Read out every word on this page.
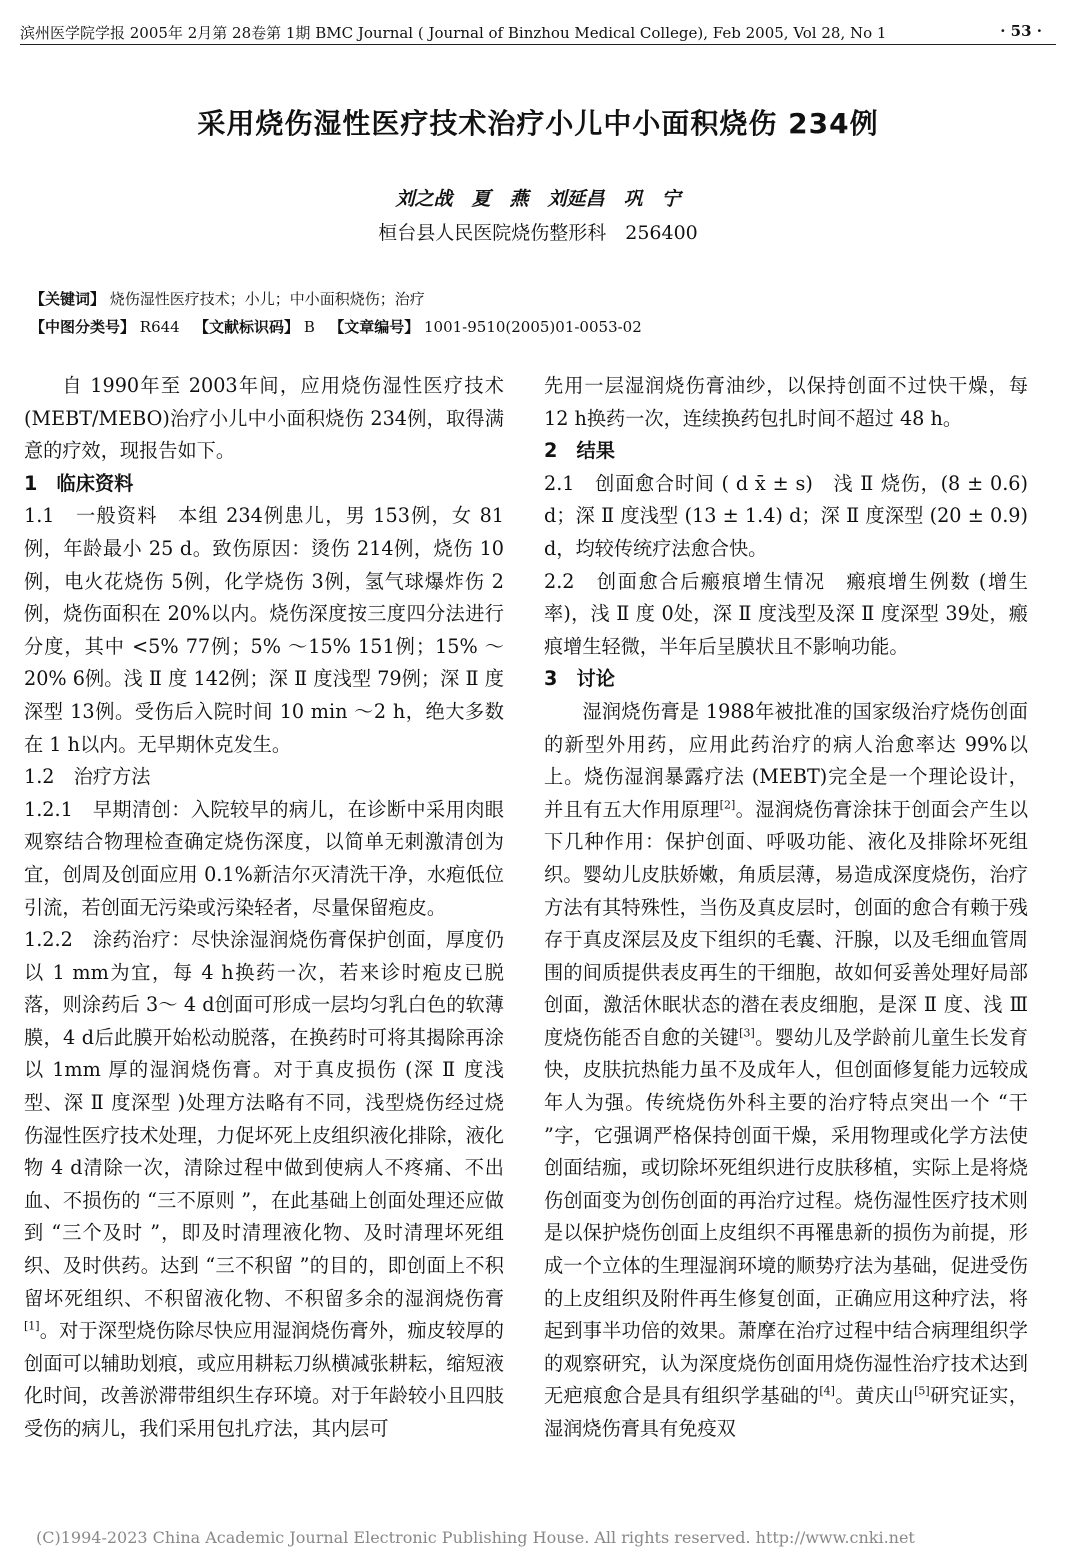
滨州医学院学报 2005年 2月第 28卷第 1期 BMC Journal ( Journal of Binzhou Medical College), Feb 2005, Vol 28, No 1	· 53 ·
采用烧伤湿性医疗技术治疗小儿中小面积烧伤 234例
刘之战　夏　燕　刘延昌　巩　宁
桓台县人民医院烧伤整形科　256400
【关键词】 烧伤湿性医疗技术；小儿；中小面积烧伤；治疗
【中图分类号】 R644 【文献标识码】 B 【文章编号】 1001-9510(2005)01-0053-02

自 1990年至 2003年间，应用烧伤湿性医疗技术 (MEBT/MEBO)治疗小儿中小面积烧伤 234例，取得满意的疗效，现报告如下。

1　临床资料

1.1　一般资料　 本组 234例患儿，男 153例，女 81例，年龄最小 25 d。致伤原因：烫伤 214例，烧伤 10例，电火花烧伤 5例，化学烧伤 3例，氢气球爆炸伤 2例，烧伤面积在 20%以内。烧伤深度按三度四分法进行分度，其中 <5% 77例；5% ～15% 151例；15% ～20% 6例。浅 Ⅱ 度 142例；深 Ⅱ 度浅型 79例；深 Ⅱ 度深型 13例。受伤后入院时间 10 min ～2 h，绝大多数在 1 h以内。无早期休克发生。

1.2　治疗方法

1.2.1　早期清创：入院较早的病儿，在诊断中采用肉眼观察结合物理检查确定烧伤深度，以简单无刺激清创为宜，创周及创面应用 0.1%新洁尔灭清洗干净，水疱低位引流，若创面无污染或污染轻者，尽量保留疱皮。

1.2.2　涂药治疗：尽快涂湿润烧伤膏保护创面，厚度仍以 1 mm为宜，每 4 h换药一次，若来诊时疱皮已脱落，则涂药后 3～ 4 d创面可形成一层均匀乳白色的软薄膜，4 d后此膜开始松动脱落，在换药时可将其揭除再涂以 1mm 厚的湿润烧伤膏。对于真皮损伤 (深 Ⅱ 度浅型、深 Ⅱ 度深型 )处理方法略有不同，浅型烧伤经过烧伤湿性医疗技术处理，力促坏死上皮组织液化排除，液化物 4 d清除一次，清除过程中做到使病人不疼痛、不出血、不损伤的 “三不原则 ”，在此基础上创面处理还应做到 “三个及时 ”，即及时清理液化物、及时清理坏死组织、及时供药。达到 “三不积留 ”的目的，即创面上不积留坏死组织、不积留液化物、不积留多余的湿润烧伤膏[1]。对于深型烧伤除尽快应用湿润烧伤膏外，痂皮较厚的创面可以辅助划痕，或应用耕耘刀纵横减张耕耘，缩短液化时间，改善淤滞带组织生存环境。对于年龄较小且四肢受伤的病儿，我们采用包扎疗法，其内层可

先用一层湿润烧伤膏油纱，以保持创面不过快干燥，每 12 h换药一次，连续换药包扎时间不超过 48 h。

2　结果

2.1　创面愈合时间 ( d x̄ ± s)　浅 Ⅱ 烧伤，(8 ± 0.6) d；深 Ⅱ 度浅型 (13 ± 1.4) d；深 Ⅱ 度深型 (20 ± 0.9) d，均较传统疗法愈合快。

2.2　创面愈合后瘢痕增生情况　瘢痕增生例数 (增生率)，浅 Ⅱ 度 0处，深 Ⅱ 度浅型及深 Ⅱ 度深型 39处，瘢痕增生轻微，半年后呈膜状且不影响功能。

3　讨论

湿润烧伤膏是 1988年被批准的国家级治疗烧伤创面的新型外用药，应用此药治疗的病人治愈率达 99%以上。烧伤湿润暴露疗法 (MEBT)完全是一个理论设计，并且有五大作用原理[2]。湿润烧伤膏涂抹于创面会产生以下几种作用：保护创面、呼吸功能、液化及排除坏死组织。婴幼儿皮肤娇嫩，角质层薄，易造成深度烧伤，治疗方法有其特殊性，当伤及真皮层时，创面的愈合有赖于残存于真皮深层及皮下组织的毛囊、汗腺，以及毛细血管周围的间质提供表皮再生的干细胞，故如何妥善处理好局部创面，激活休眠状态的潜在表皮细胞，是深 Ⅱ 度、浅 Ⅲ 度烧伤能否自愈的关键[3]。婴幼儿及学龄前儿童生长发育快，皮肤抗热能力虽不及成年人，但创面修复能力远较成年人为强。传统烧伤外科主要的治疗特点突出一个 “干 ”字，它强调严格保持创面干燥，采用物理或化学方法使创面结痂，或切除坏死组织进行皮肤移植，实际上是将烧伤创面变为创伤创面的再治疗过程。烧伤湿性医疗技术则是以保护烧伤创面上皮组织不再罹患新的损伤为前提，形成一个立体的生理湿润环境的顺势疗法为基础，促进受伤的上皮组织及附件再生修复创面，正确应用这种疗法，将起到事半功倍的效果。萧摩在治疗过程中结合病理组织学的观察研究，认为深度烧伤创面用烧伤湿性治疗技术达到无疤痕愈合是具有组织学基础的[4]。黄庆山[5]研究证实，湿润烧伤膏具有免疫双

(C)1994-2023 China Academic Journal Electronic Publishing House. All rights reserved. http://www.cnki.net
